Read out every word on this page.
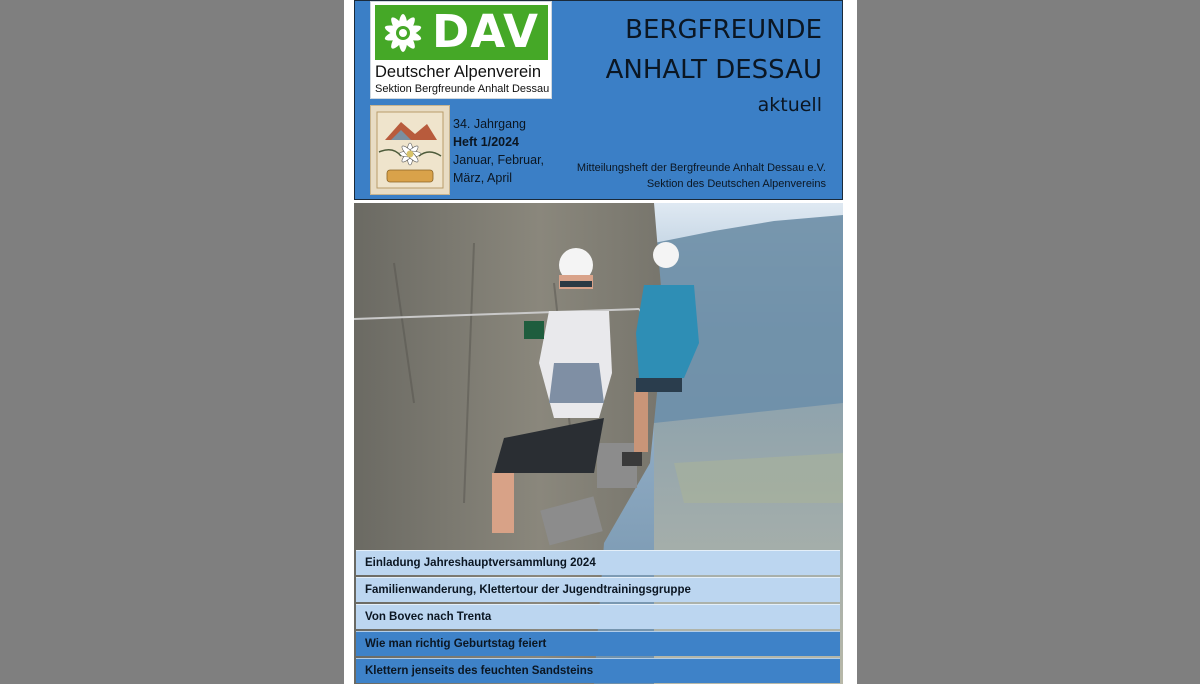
DAV
Deutscher Alpenverein
Sektion Bergfreunde Anhalt Dessau
BERGFREUNDE
ANHALT DESSAU
aktuell
34. Jahrgang
Heft 1/2024
Januar, Februar,
März, April
Mitteilungsheft der Bergfreunde Anhalt Dessau e.V.
Sektion des Deutschen Alpenvereins
Einladung Jahreshauptversammlung 2024
Familienwanderung, Klettertour der Jugendtrainingsgruppe
Von Bovec nach Trenta
Wie man richtig Geburtstag feiert
Klettern jenseits des feuchten Sandsteins
